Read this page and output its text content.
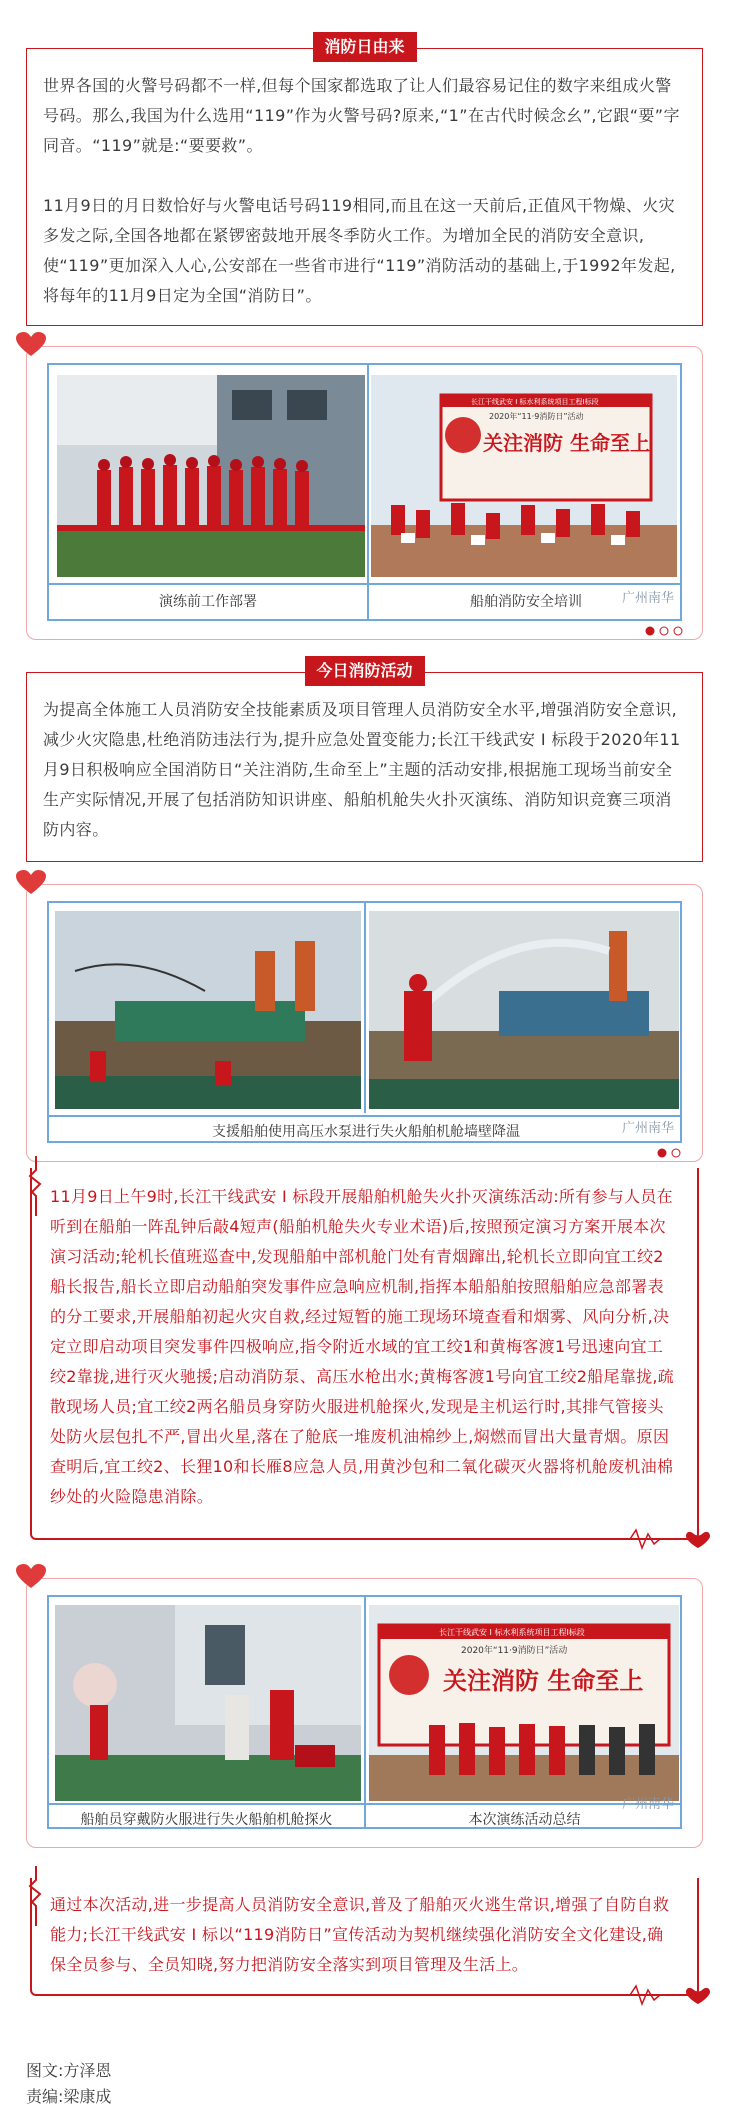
世界各国的火警号码都不一样,但每个国家都选取了让人们最容易记住的数字来组成火警号码。那么,我国为什么选用“119”作为火警号码?原来,“1”在古代时候念幺”,它跟“要”字同音。“119”就是:“要要救”。

11月9日的月日数恰好与火警电话号码119相同,而且在这一天前后,正值风干物燥、火灾多发之际,全国各地都在紧锣密鼓地开展冬季防火工作。为增加全民的消防安全意识,使“119”更加深入人心,公安部在一些省市进行“119”消防活动的基础上,于1992年发起,将每年的11月9日定为全国“消防日”。

消防日由来
长江干线武安 I 标水利系统项目工程I标段
2020年“11·9消防日”活动
关注消防 生命至上
演练前工作部署	船舶消防安全培训	广州南华

为提高全体施工人员消防安全技能素质及项目管理人员消防安全水平,增强消防安全意识,减少火灾隐患,杜绝消防违法行为,提升应急处置变能力;长江干线武安 I 标段于2020年11月9日积极响应全国消防日“关注消防,生命至上”主题的活动安排,根据施工现场当前安全生产实际情况,开展了包括消防知识讲座、船舶机舱失火扑灭演练、消防知识竞赛三项消防内容。

今日消防活动
支援船舶使用高压水泵进行失火船舶机舱墙壁降温	广州南华

11月9日上午9时,长江干线武安 I 标段开展船舶机舱失火扑灭演练活动:所有参与人员在听到在船舶一阵乱钟后敲4短声(船舶机舱失火专业术语)后,按照预定演习方案开展本次演习活动;轮机长值班巡查中,发现船舶中部机舱门处有青烟蹿出,轮机长立即向宜工绞2船长报告,船长立即启动船舶突发事件应急响应机制,指挥本船船舶按照船舶应急部署表的分工要求,开展船舶初起火灾自救,经过短暂的施工现场环境查看和烟雾、风向分析,决定立即启动项目突发事件四极响应,指令附近水域的宜工绞1和黄梅客渡1号迅速向宜工绞2靠拢,进行灭火驰援;启动消防泵、高压水枪出水;黄梅客渡1号向宜工绞2船尾靠拢,疏散现场人员;宜工绞2两名船员身穿防火服进机舱探火,发现是主机运行时,其排气管接头处防火层包扎不严,冒出火星,落在了舱底一堆废机油棉纱上,焖燃而冒出大量青烟。原因查明后,宜工绞2、长狸10和长雁8应急人员,用黄沙包和二氧化碳灭火器将机舱废机油棉纱处的火险隐患消除。

长江干线武安 I 标水利系统项目工程I标段
2020年“11·9消防日”活动
关注消防 生命至上
船舶员穿戴防火服进行失火船舶机舱探火	本次演练活动总结
广州南华

通过本次活动,进一步提高人员消防安全意识,普及了船舶灭火逃生常识,增强了自防自救能力;长江干线武安 I 标以“119消防日”宣传活动为契机继续强化消防安全文化建设,确保全员参与、全员知晓,努力把消防安全落实到项目管理及生活上。

图文:方泽恩
责编:梁康成
